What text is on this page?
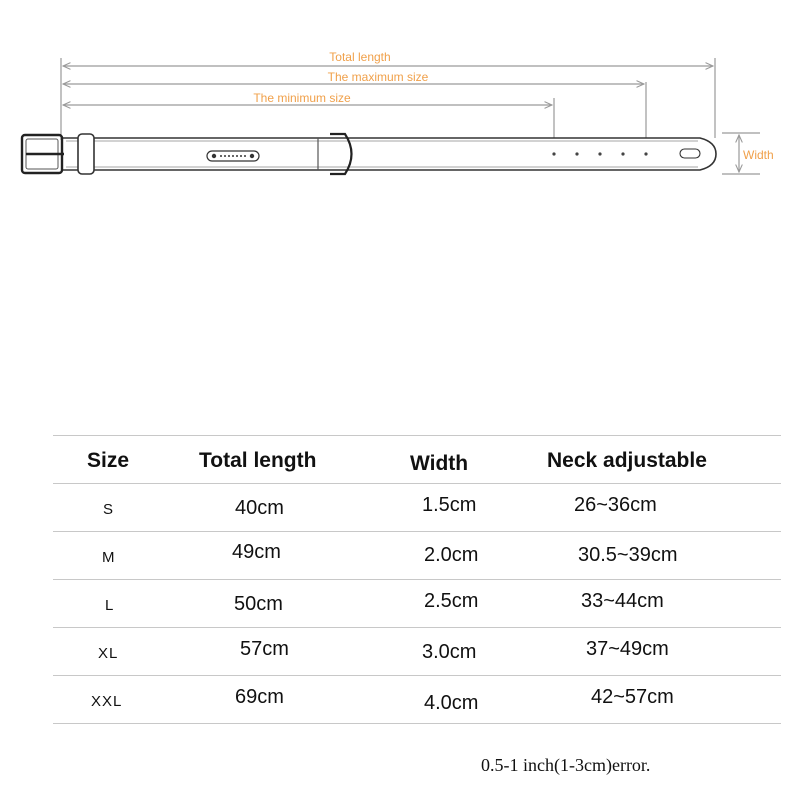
Total length
The maximum size
The minimum size
Width
Size	Total length	Width	Neck adjustable
S	40cm	1.5cm	26~36cm
M	49cm	2.0cm	30.5~39cm
L	50cm	2.5cm	33~44cm
XL	57cm	3.0cm	37~49cm
XXL	69cm	4.0cm	42~57cm
0.5-1 inch(1-3cm)error.
